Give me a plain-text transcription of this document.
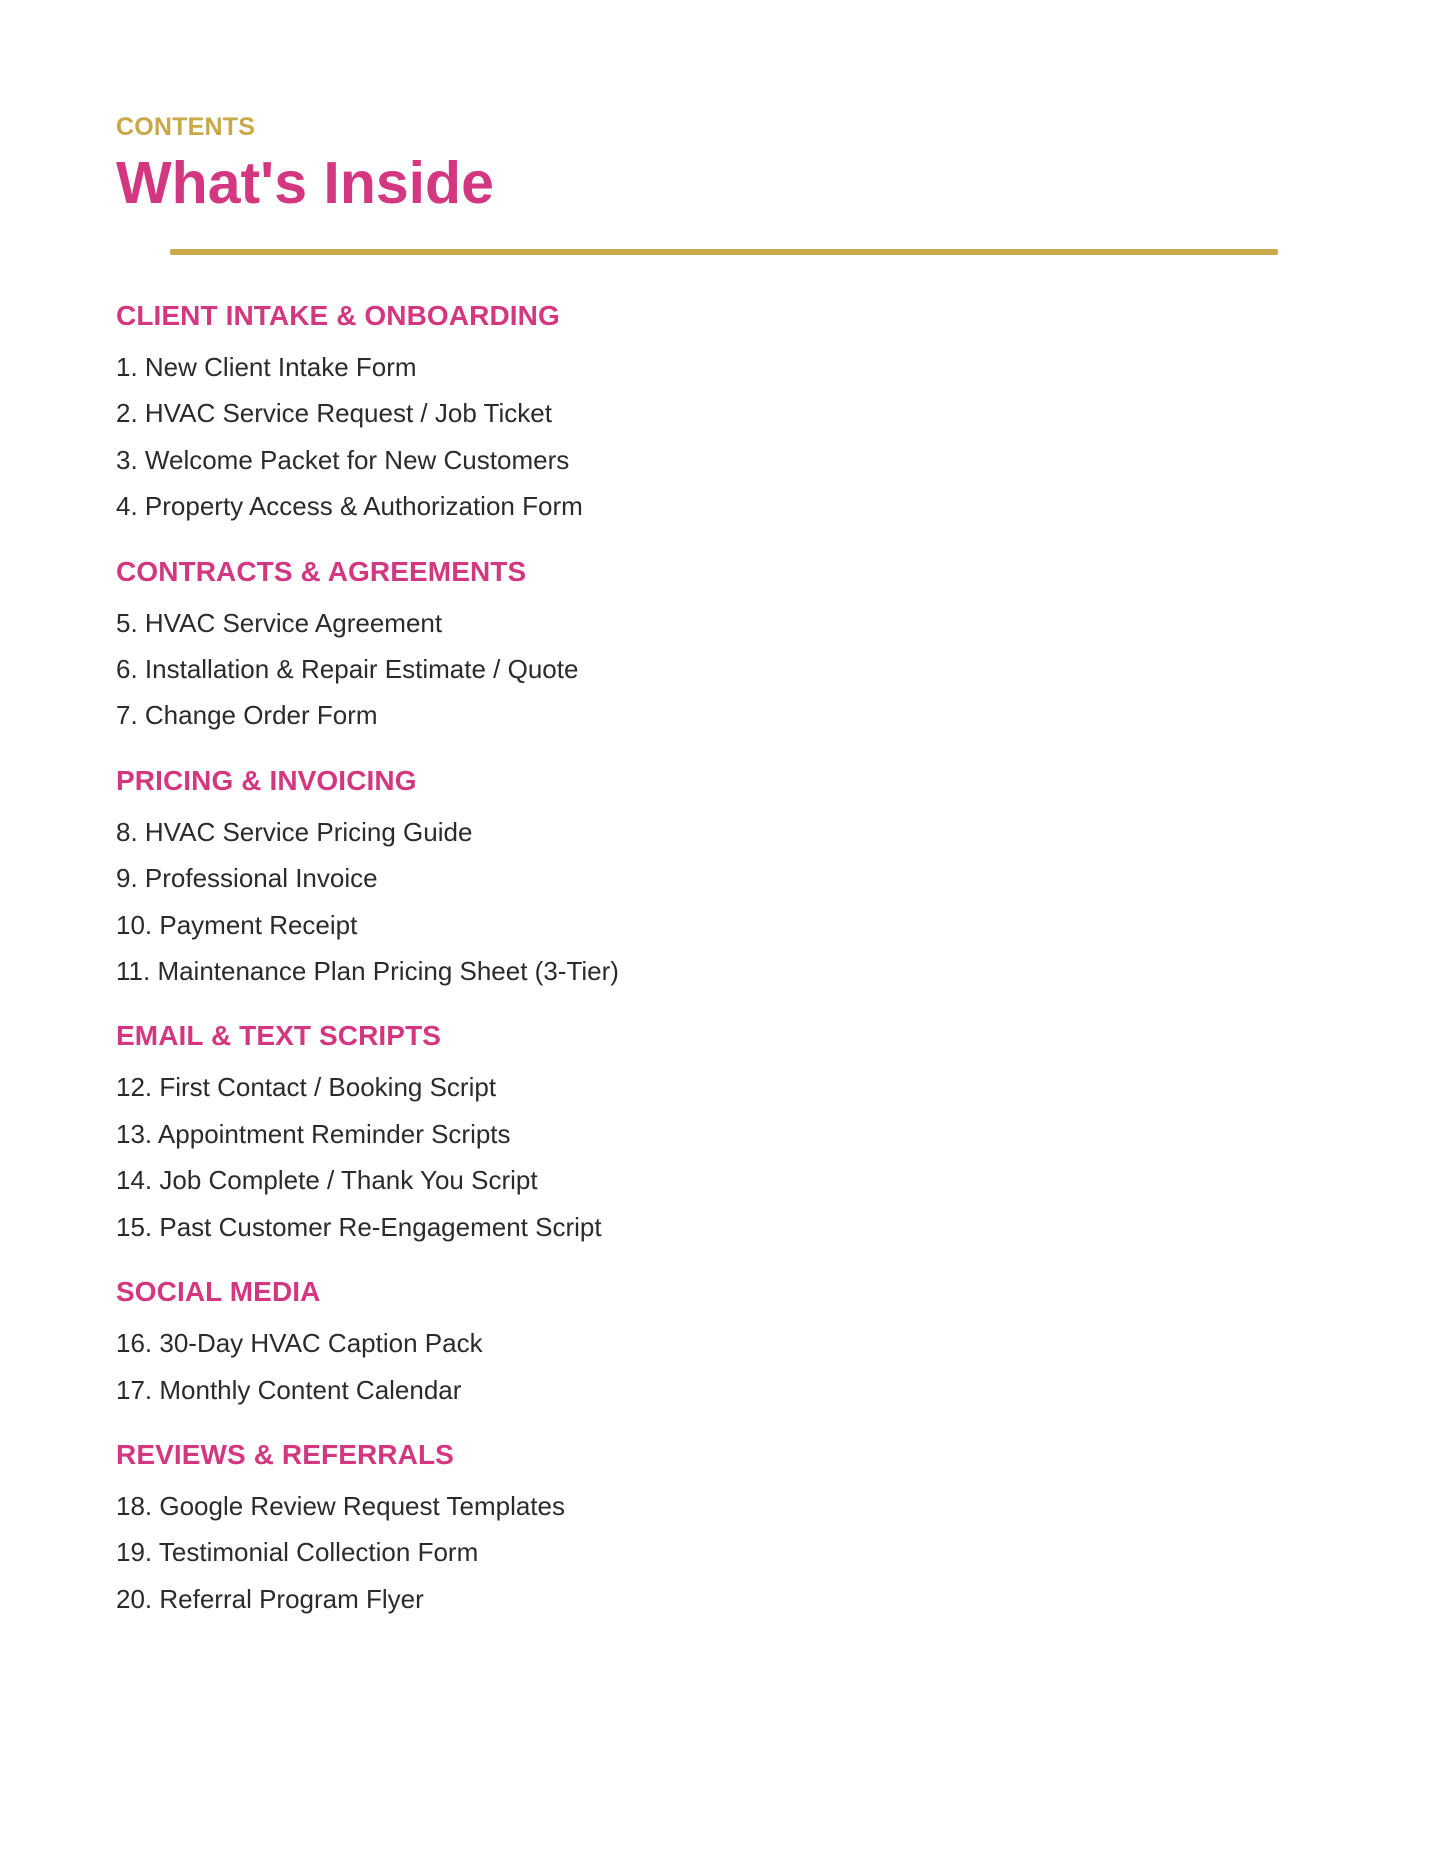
CONTENTS

What's Inside
CLIENT INTAKE & ONBOARDING

1. New Client Intake Form

2. HVAC Service Request / Job Ticket

3. Welcome Packet for New Customers

4. Property Access & Authorization Form

CONTRACTS & AGREEMENTS

5. HVAC Service Agreement

6. Installation & Repair Estimate / Quote

7. Change Order Form

PRICING & INVOICING

8. HVAC Service Pricing Guide

9. Professional Invoice

10. Payment Receipt

11. Maintenance Plan Pricing Sheet (3-Tier)

EMAIL & TEXT SCRIPTS

12. First Contact / Booking Script

13. Appointment Reminder Scripts

14. Job Complete / Thank You Script

15. Past Customer Re-Engagement Script

SOCIAL MEDIA

16. 30-Day HVAC Caption Pack

17. Monthly Content Calendar

REVIEWS & REFERRALS

18. Google Review Request Templates

19. Testimonial Collection Form

20. Referral Program Flyer
